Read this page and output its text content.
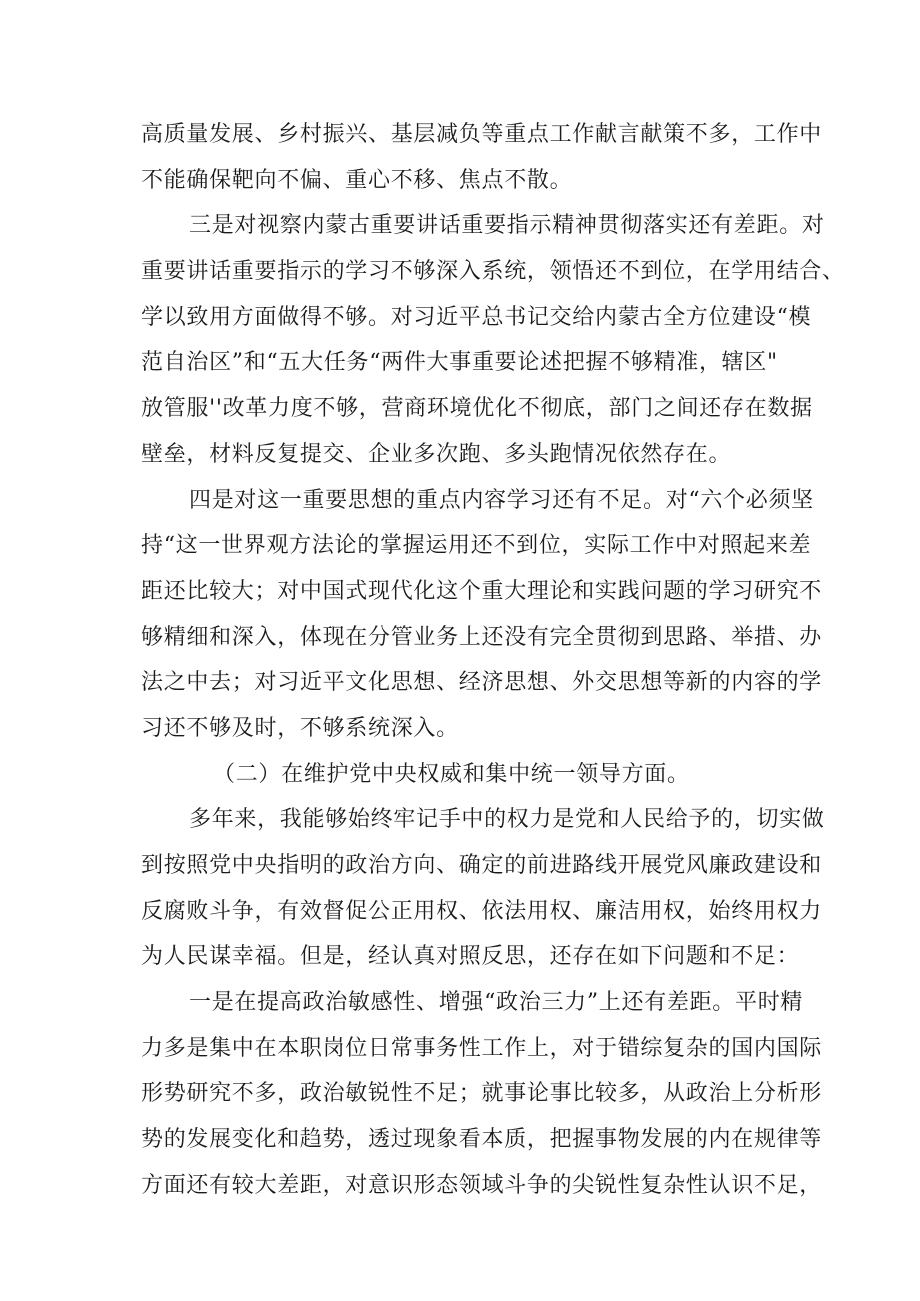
高质量发展、乡村振兴、基层减负等重点工作献言献策不多，工作中
不能确保靶向不偏、重心不移、焦点不散。

三是对视察内蒙古重要讲话重要指示精神贯彻落实还有差距。对
重要讲话重要指示的学习不够深入系统，领悟还不到位，在学用结合、
学以致用方面做得不够。对习近平总书记交给内蒙古全方位建设“模
范自治区”和“五大任务“两件大事重要论述把握不够精准，辖区"
放管服''改革力度不够，营商环境优化不彻底，部门之间还存在数据
壁垒，材料反复提交、企业多次跑、多头跑情况依然存在。

四是对这一重要思想的重点内容学习还有不足。对“六个必须坚
持“这一世界观方法论的掌握运用还不到位，实际工作中对照起来差
距还比较大；对中国式现代化这个重大理论和实践问题的学习研究不
够精细和深入，体现在分管业务上还没有完全贯彻到思路、举措、办
法之中去；对习近平文化思想、经济思想、外交思想等新的内容的学
习还不够及时，不够系统深入。

（二）在维护党中央权威和集中统一领导方面。

多年来，我能够始终牢记手中的权力是党和人民给予的，切实做
到按照党中央指明的政治方向、确定的前进路线开展党风廉政建设和
反腐败斗争，有效督促公正用权、依法用权、廉洁用权，始终用权力
为人民谋幸福。但是，经认真对照反思，还存在如下问题和不足：

一是在提高政治敏感性、增强“政治三力”上还有差距。平时精
力多是集中在本职岗位日常事务性工作上，对于错综复杂的国内国际
形势研究不多，政治敏锐性不足；就事论事比较多，从政治上分析形
势的发展变化和趋势，透过现象看本质，把握事物发展的内在规律等
方面还有较大差距，对意识形态领域斗争的尖锐性复杂性认识不足，
